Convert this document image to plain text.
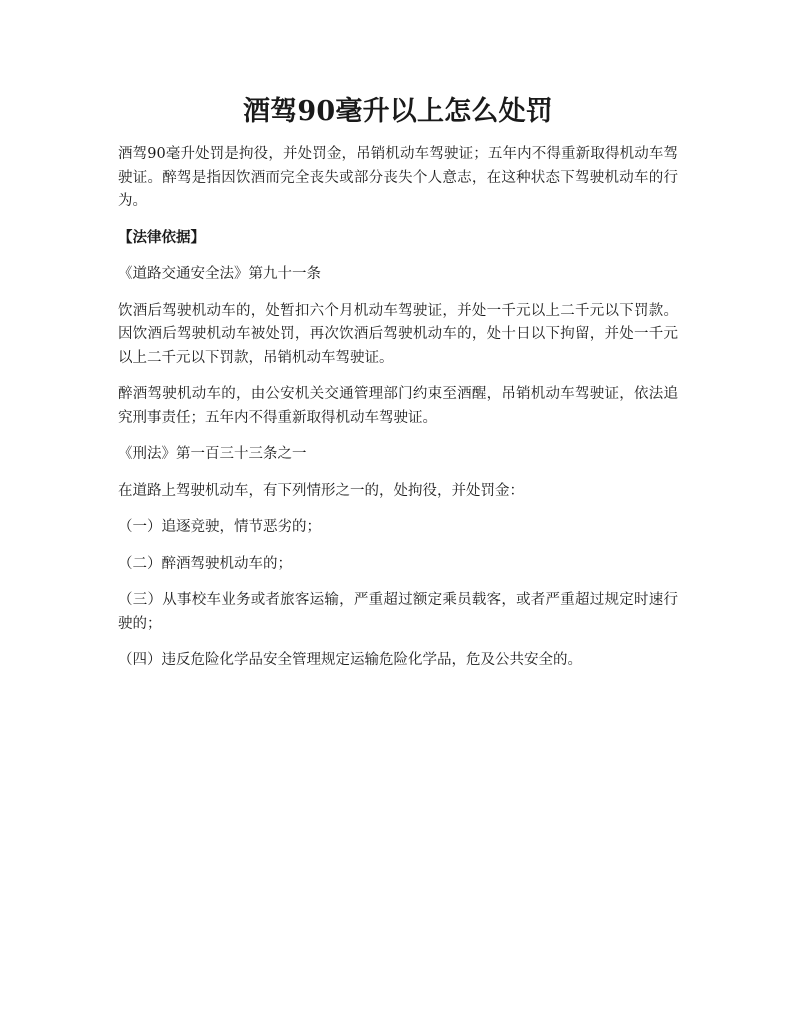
酒驾90毫升以上怎么处罚

酒驾90毫升处罚是拘役，并处罚金，吊销机动车驾驶证；五年内不得重新取得机动车驾驶证。醉驾是指因饮酒而完全丧失或部分丧失个人意志，在这种状态下驾驶机动车的行为。

【法律依据】

《道路交通安全法》第九十一条

饮酒后驾驶机动车的，处暂扣六个月机动车驾驶证，并处一千元以上二千元以下罚款。因饮酒后驾驶机动车被处罚，再次饮酒后驾驶机动车的，处十日以下拘留，并处一千元以上二千元以下罚款，吊销机动车驾驶证。

醉酒驾驶机动车的，由公安机关交通管理部门约束至酒醒，吊销机动车驾驶证，依法追究刑事责任；五年内不得重新取得机动车驾驶证。

《刑法》第一百三十三条之一

在道路上驾驶机动车，有下列情形之一的，处拘役，并处罚金：

（一）追逐竞驶，情节恶劣的；

（二）醉酒驾驶机动车的；

（三）从事校车业务或者旅客运输，严重超过额定乘员载客，或者严重超过规定时速行驶的；

（四）违反危险化学品安全管理规定运输危险化学品，危及公共安全的。
